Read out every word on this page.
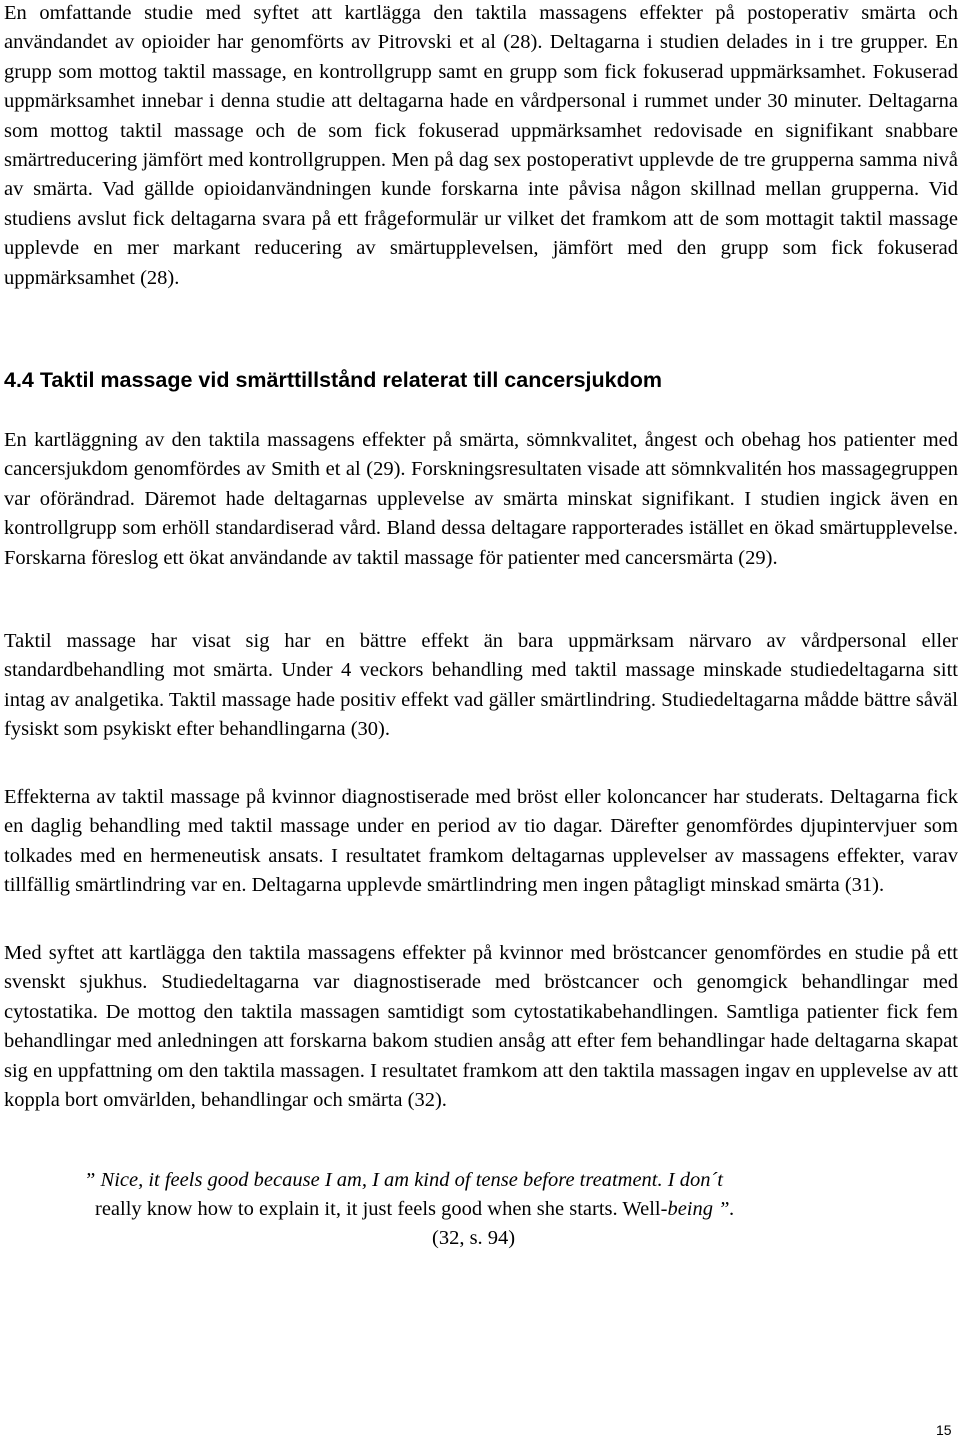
En omfattande studie med syftet att kartlägga den taktila massagens effekter på postoperativ smärta och användandet av opioider har genomförts av Pitrovski et al (28). Deltagarna i studien delades in i tre grupper. En grupp som mottog taktil massage, en kontrollgrupp samt en grupp som fick fokuserad uppmärksamhet. Fokuserad uppmärksamhet innebar i denna studie att deltagarna hade en vårdpersonal i rummet under 30 minuter. Deltagarna som mottog taktil massage och de som fick fokuserad uppmärksamhet redovisade en signifikant snabbare smärtreducering jämfört med kontrollgruppen. Men på dag sex postoperativt upplevde de tre grupperna samma nivå av smärta. Vad gällde opioidanvändningen kunde forskarna inte påvisa någon skillnad mellan grupperna. Vid studiens avslut fick deltagarna svara på ett frågeformulär ur vilket det framkom att de som mottagit taktil massage upplevde en mer markant reducering av smärtupplevelsen, jämfört med den grupp som fick fokuserad uppmärksamhet (28).

4.4 Taktil massage vid smärttillstånd relaterat till cancersjukdom

En kartläggning av den taktila massagens effekter på smärta, sömnkvalitet, ångest och obehag hos patienter med cancersjukdom genomfördes av Smith et al (29). Forskningsresultaten visade att sömnkvalitén hos massagegruppen var oförändrad. Däremot hade deltagarnas upplevelse av smärta minskat signifikant. I studien ingick även en kontrollgrupp som erhöll standardiserad vård. Bland dessa deltagare rapporterades istället en ökad smärtupplevelse. Forskarna föreslog ett ökat användande av taktil massage för patienter med cancersmärta (29).

Taktil massage har visat sig har en bättre effekt än bara uppmärksam närvaro av vårdpersonal eller standardbehandling mot smärta. Under 4 veckors behandling med taktil massage minskade studiedeltagarna sitt intag av analgetika. Taktil massage hade positiv effekt vad gäller smärtlindring. Studiedeltagarna mådde bättre såväl fysiskt som psykiskt efter behandlingarna (30).

Effekterna av taktil massage på kvinnor diagnostiserade med bröst eller koloncancer har studerats. Deltagarna fick en daglig behandling med taktil massage under en period av tio dagar. Därefter genomfördes djupintervjuer som tolkades med en hermeneutisk ansats. I resultatet framkom deltagarnas upplevelser av massagens effekter, varav tillfällig smärtlindring var en. Deltagarna upplevde smärtlindring men ingen påtagligt minskad smärta (31).

Med syftet att kartlägga den taktila massagens effekter på kvinnor med bröstcancer genomfördes en studie på ett svenskt sjukhus. Studiedeltagarna var diagnostiserade med bröstcancer och genomgick behandlingar med cytostatika. De mottog den taktila massagen samtidigt som cytostatikabehandlingen. Samtliga patienter fick fem behandlingar med anledningen att forskarna bakom studien ansåg att efter fem behandlingar hade deltagarna skapat sig en uppfattning om den taktila massagen. I resultatet framkom att den taktila massagen ingav en upplevelse av att koppla bort omvärlden, behandlingar och smärta (32).

” Nice, it feels good because I am, I am kind of tense before treatment. I don´t
really know how to explain it, it just feels good when she starts. Well-being ”.
(32, s. 94)
15
